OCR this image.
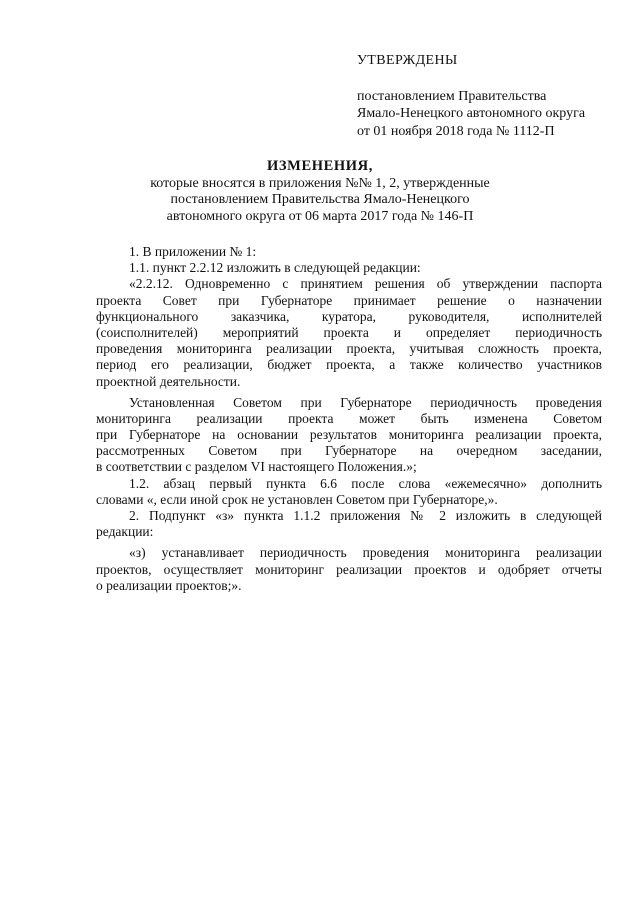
УТВЕРЖДЕНЫ
постановлением Правительства
Ямало-Ненецкого автономного округа
от 01 ноября 2018 года № 1112-П
ИЗМЕНЕНИЯ,
которые вносятся в приложения №№ 1, 2, утвержденные
постановлением Правительства Ямало-Ненецкого
автономного округа от 06 марта 2017 года № 146-П
1. В приложении № 1:
1.1. пункт 2.2.12 изложить в следующей редакции:
«2.2.12. Одновременно с принятием решения об утверждении паспорта
проекта Совет при Губернаторе принимает решение о назначении
функционального заказчика, куратора, руководителя, исполнителей
(соисполнителей) мероприятий проекта и определяет периодичность
проведения мониторинга реализации проекта, учитывая сложность проекта,
период его реализации, бюджет проекта, а также количество участников
проектной деятельности.
Установленная Советом при Губернаторе периодичность проведения
мониторинга реализации проекта может быть изменена Советом
при Губернаторе на основании результатов мониторинга реализации проекта,
рассмотренных Советом при Губернаторе на очередном заседании,
в соответствии с разделом VI настоящего Положения.»;
1.2. абзац первый пункта 6.6 после слова «ежемесячно» дополнить
словами «, если иной срок не установлен Советом при Губернаторе,».
2. Подпункт «з» пункта 1.1.2 приложения № 2 изложить в следующей
редакции:
«з) устанавливает периодичность проведения мониторинга реализации
проектов, осуществляет мониторинг реализации проектов и одобряет отчеты
о реализации проектов;».
